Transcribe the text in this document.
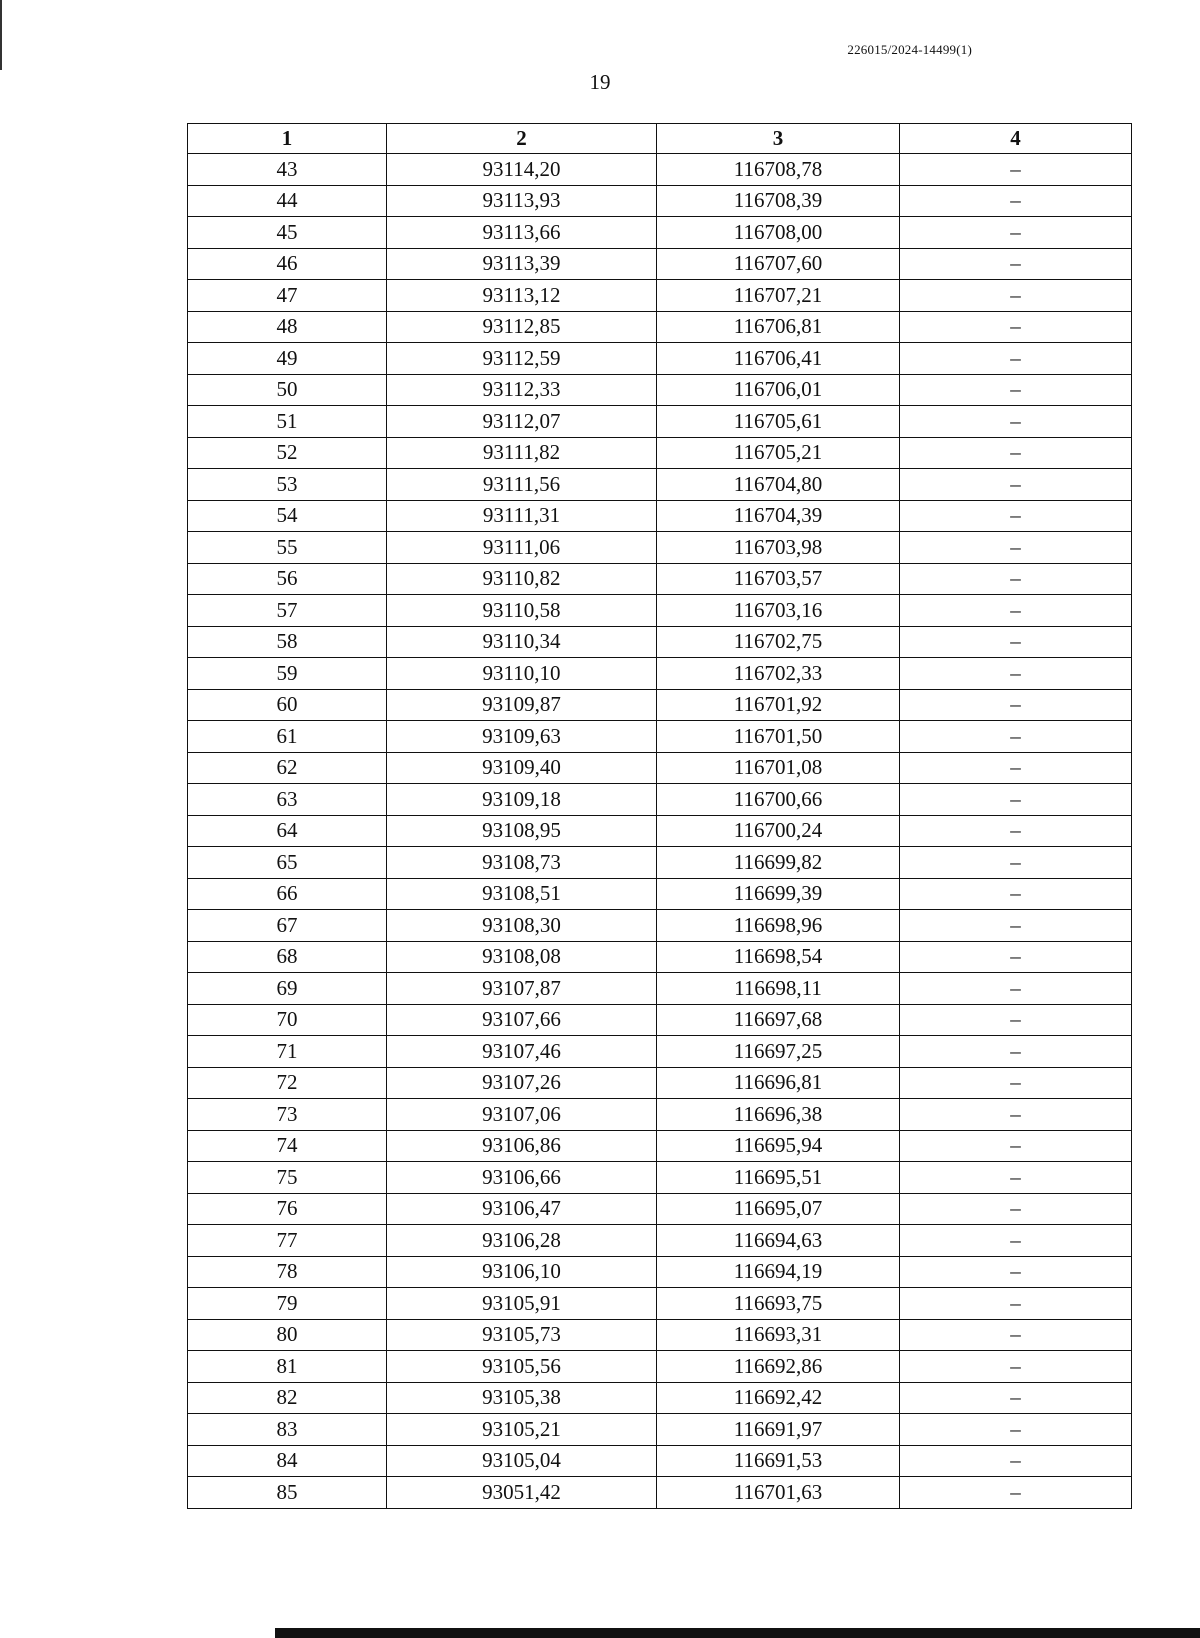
226015/2024-14499(1)
19
1	2	3	4
43	93114,20	116708,78	–
44	93113,93	116708,39	–
45	93113,66	116708,00	–
46	93113,39	116707,60	–
47	93113,12	116707,21	–
48	93112,85	116706,81	–
49	93112,59	116706,41	–
50	93112,33	116706,01	–
51	93112,07	116705,61	–
52	93111,82	116705,21	–
53	93111,56	116704,80	–
54	93111,31	116704,39	–
55	93111,06	116703,98	–
56	93110,82	116703,57	–
57	93110,58	116703,16	–
58	93110,34	116702,75	–
59	93110,10	116702,33	–
60	93109,87	116701,92	–
61	93109,63	116701,50	–
62	93109,40	116701,08	–
63	93109,18	116700,66	–
64	93108,95	116700,24	–
65	93108,73	116699,82	–
66	93108,51	116699,39	–
67	93108,30	116698,96	–
68	93108,08	116698,54	–
69	93107,87	116698,11	–
70	93107,66	116697,68	–
71	93107,46	116697,25	–
72	93107,26	116696,81	–
73	93107,06	116696,38	–
74	93106,86	116695,94	–
75	93106,66	116695,51	–
76	93106,47	116695,07	–
77	93106,28	116694,63	–
78	93106,10	116694,19	–
79	93105,91	116693,75	–
80	93105,73	116693,31	–
81	93105,56	116692,86	–
82	93105,38	116692,42	–
83	93105,21	116691,97	–
84	93105,04	116691,53	–
85	93051,42	116701,63	–
